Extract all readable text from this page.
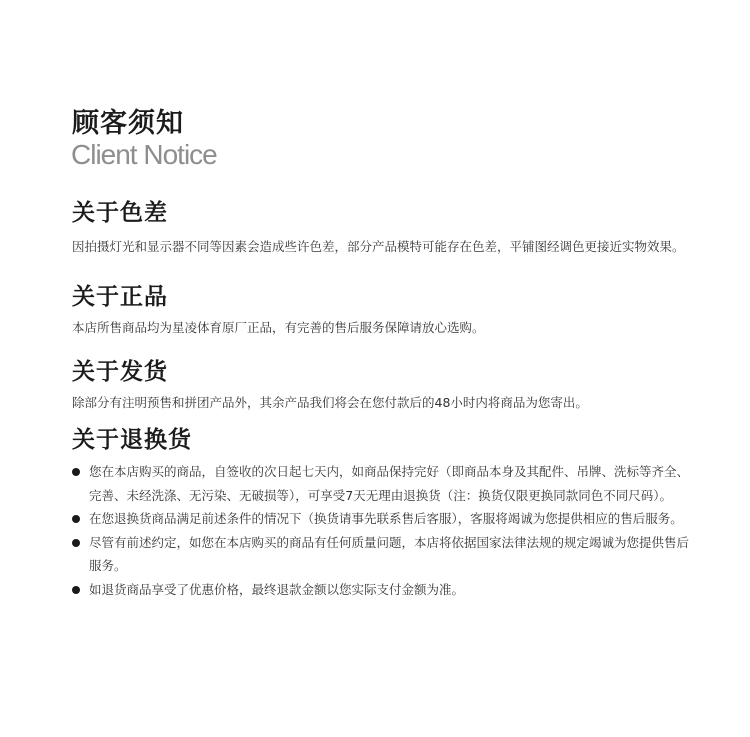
顾客须知
Client Notice
关于色差

因拍摄灯光和显示器不同等因素会造成些许色差，部分产品模特可能存在色差，平铺图经调色更接近实物效果。

关于正品

本店所售商品均为星凌体育原厂正品，有完善的售后服务保障请放心选购。

关于发货

除部分有注明预售和拼团产品外，其余产品我们将会在您付款后的48小时内将商品为您寄出。

关于退换货
您在本店购买的商品，自签收的次日起七天内，如商品保持完好（即商品本身及其配件、吊牌、洗标等齐全、完善、未经洗涤、无污染、无破损等），可享受7天无理由退换货（注：换货仅限更换同款同色不同尺码）。
在您退换货商品满足前述条件的情况下（换货请事先联系售后客服），客服将竭诚为您提供相应的售后服务。
尽管有前述约定，如您在本店购买的商品有任何质量问题，本店将依据国家法律法规的规定竭诚为您提供售后服务。
如退货商品享受了优惠价格，最终退款金额以您实际支付金额为准。
